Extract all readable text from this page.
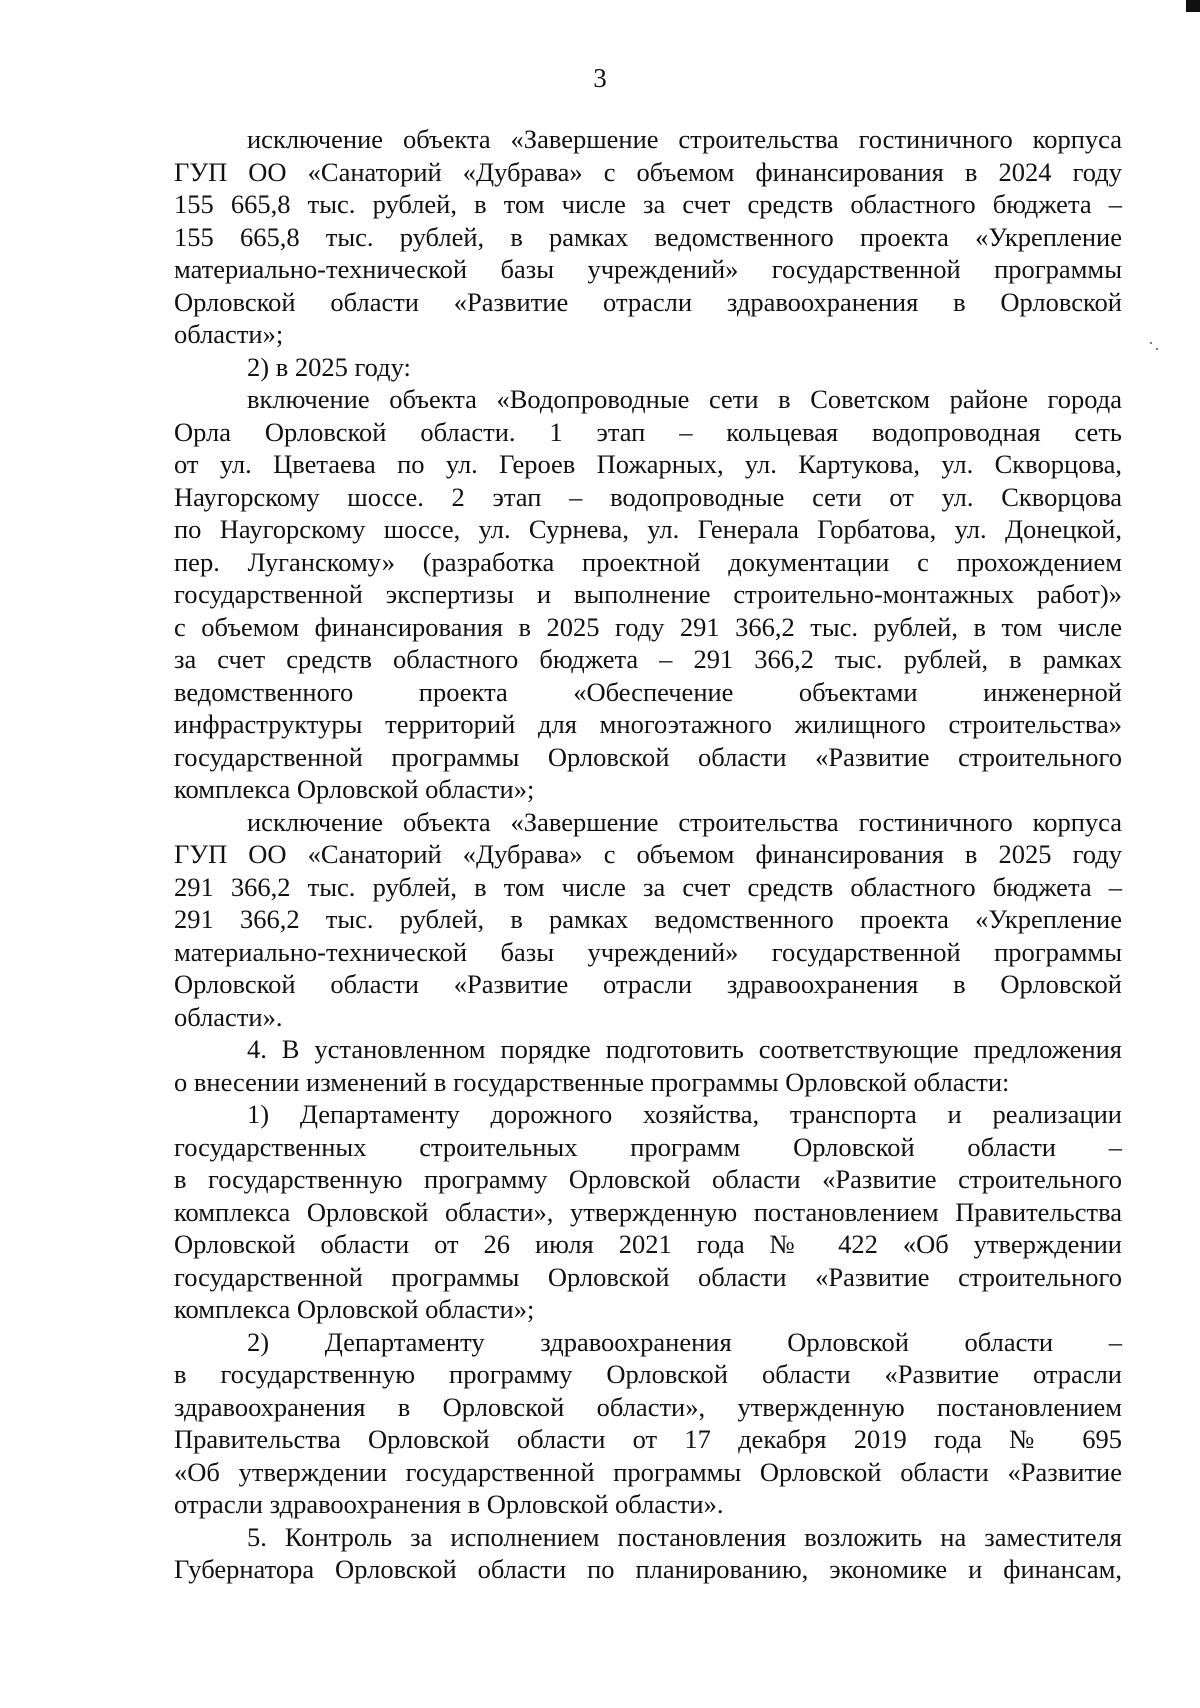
3
исключение объекта «Завершение строительства гостиничного корпуса
ГУП ОО «Санаторий «Дубрава» с объемом финансирования в 2024 году
155 665,8 тыс. рублей, в том числе за счет средств областного бюджета –
155 665,8 тыс. рублей, в рамках ведомственного проекта «Укрепление
материально-технической базы учреждений» государственной программы
Орловской области «Развитие отрасли здравоохранения в Орловской
области»;
2) в 2025 году:
включение объекта «Водопроводные сети в Советском районе города
Орла Орловской области. 1 этап – кольцевая водопроводная сеть
от ул. Цветаева по ул. Героев Пожарных, ул. Картукова, ул. Скворцова,
Наугорскому шоссе. 2 этап – водопроводные сети от ул. Скворцова
по Наугорскому шоссе, ул. Сурнева, ул. Генерала Горбатова, ул. Донецкой,
пер. Луганскому» (разработка проектной документации с прохождением
государственной экспертизы и выполнение строительно-монтажных работ)»
с объемом финансирования в 2025 году 291 366,2 тыс. рублей, в том числе
за счет средств областного бюджета – 291 366,2 тыс. рублей, в рамках
ведомственного проекта «Обеспечение объектами инженерной
инфраструктуры территорий для многоэтажного жилищного строительства»
государственной программы Орловской области «Развитие строительного
комплекса Орловской области»;
исключение объекта «Завершение строительства гостиничного корпуса
ГУП ОО «Санаторий «Дубрава» с объемом финансирования в 2025 году
291 366,2 тыс. рублей, в том числе за счет средств областного бюджета –
291 366,2 тыс. рублей, в рамках ведомственного проекта «Укрепление
материально-технической базы учреждений» государственной программы
Орловской области «Развитие отрасли здравоохранения в Орловской
области».
4. В установленном порядке подготовить соответствующие предложения
о внесении изменений в государственные программы Орловской области:
1) Департаменту дорожного хозяйства, транспорта и реализации
государственных строительных программ Орловской области –
в государственную программу Орловской области «Развитие строительного
комплекса Орловской области», утвержденную постановлением Правительства
Орловской области от 26 июля 2021 года № 422 «Об утверждении
государственной программы Орловской области «Развитие строительного
комплекса Орловской области»;
2) Департаменту здравоохранения Орловской области –
в государственную программу Орловской области «Развитие отрасли
здравоохранения в Орловской области», утвержденную постановлением
Правительства Орловской области от 17 декабря 2019 года № 695
«Об утверждении государственной программы Орловской области «Развитие
отрасли здравоохранения в Орловской области».
5. Контроль за исполнением постановления возложить на заместителя
Губернатора Орловской области по планированию, экономике и финансам,
